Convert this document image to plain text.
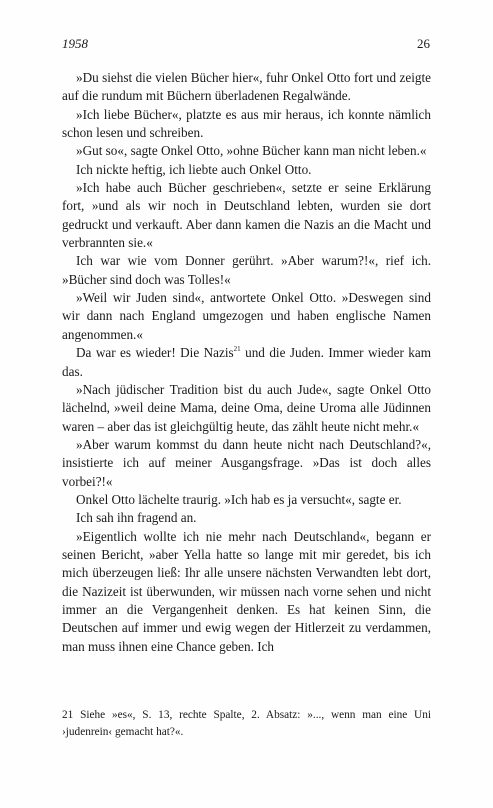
1958	26

»Du siehst die vielen Bücher hier«, fuhr Onkel Otto fort und zeigte auf die rundum mit Büchern überladenen Regalwände.

»Ich liebe Bücher«, platzte es aus mir heraus, ich konnte nämlich schon lesen und schreiben.

»Gut so«, sagte Onkel Otto, »ohne Bücher kann man nicht leben.«

Ich nickte heftig, ich liebte auch Onkel Otto.

»Ich habe auch Bücher geschrieben«, setzte er seine Erklärung fort, »und als wir noch in Deutschland lebten, wurden sie dort gedruckt und verkauft. Aber dann kamen die Nazis an die Macht und verbrannten sie.«

Ich war wie vom Donner gerührt. »Aber warum?!«, rief ich. »Bücher sind doch was Tolles!«

»Weil wir Juden sind«, antwortete Onkel Otto. »Deswegen sind wir dann nach England umgezogen und haben englische Namen angenommen.«

Da war es wieder! Die Nazis$^{21}$ und die Juden. Immer wieder kam das.

»Nach jüdischer Tradition bist du auch Jude«, sagte Onkel Otto lächelnd, »weil deine Mama, deine Oma, deine Uroma alle Jüdinnen waren – aber das ist gleichgültig heute, das zählt heute nicht mehr.«

»Aber warum kommst du dann heute nicht nach Deutschland?«, insistierte ich auf meiner Ausgangsfrage. »Das ist doch alles vorbei?!«

Onkel Otto lächelte traurig. »Ich hab es ja versucht«, sagte er.

Ich sah ihn fragend an.

»Eigentlich wollte ich nie mehr nach Deutschland«, begann er seinen Bericht, »aber Yella hatte so lange mit mir geredet, bis ich mich überzeugen ließ: Ihr alle unsere nächsten Verwandten lebt dort, die Nazizeit ist überwunden, wir müssen nach vorne sehen und nicht immer an die Vergangenheit denken. Es hat keinen Sinn, die Deutschen auf immer und ewig wegen der Hitlerzeit zu verdammen, man muss ihnen eine Chance geben. Ich

21 Siehe »es«, S. 13, rechte Spalte, 2. Absatz: »..., wenn man eine Uni ›judenrein‹ gemacht hat?«.
